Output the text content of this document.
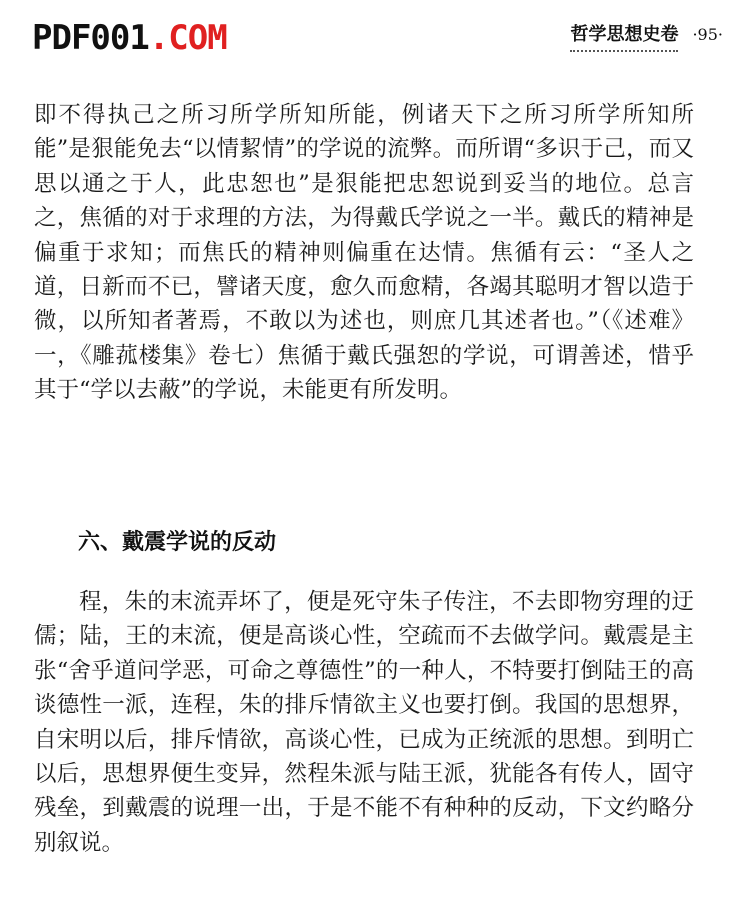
PDF001.COM	哲学思想史卷 ·95·

即不得执己之所习所学所知所能，例诸天下之所习所学所知所能”是狠能免去“以情絜情”的学说的流弊。而所谓“多识于己，而又思以通之于人，此忠恕也”是狠能把忠恕说到妥当的地位。总言之，焦循的对于求理的方法，为得戴氏学说之一半。戴氏的精神是偏重于求知；而焦氏的精神则偏重在达情。焦循有云：“圣人之道，日新而不已，譬诸天度，愈久而愈精，各竭其聪明才智以造于微，以所知者著焉，不敢以为述也，则庶几其述者也。”（《述难》一，《雕菰楼集》卷七）焦循于戴氏强恕的学说，可谓善述，惜乎其于“学以去蔽”的学说，未能更有所发明。

六、戴震学说的反动

程，朱的末流弄坏了，便是死守朱子传注，不去即物穷理的迂儒；陆，王的末流，便是高谈心性，空疏而不去做学问。戴震是主张“舍乎道问学恶，可命之尊德性”的一种人，不特要打倒陆王的高谈德性一派，连程，朱的排斥情欲主义也要打倒。我国的思想界，自宋明以后，排斥情欲，高谈心性，已成为正统派的思想。到明亡以后，思想界便生变异，然程朱派与陆王派，犹能各有传人，固守残垒，到戴震的说理一出，于是不能不有种种的反动，下文约略分别叙说。
